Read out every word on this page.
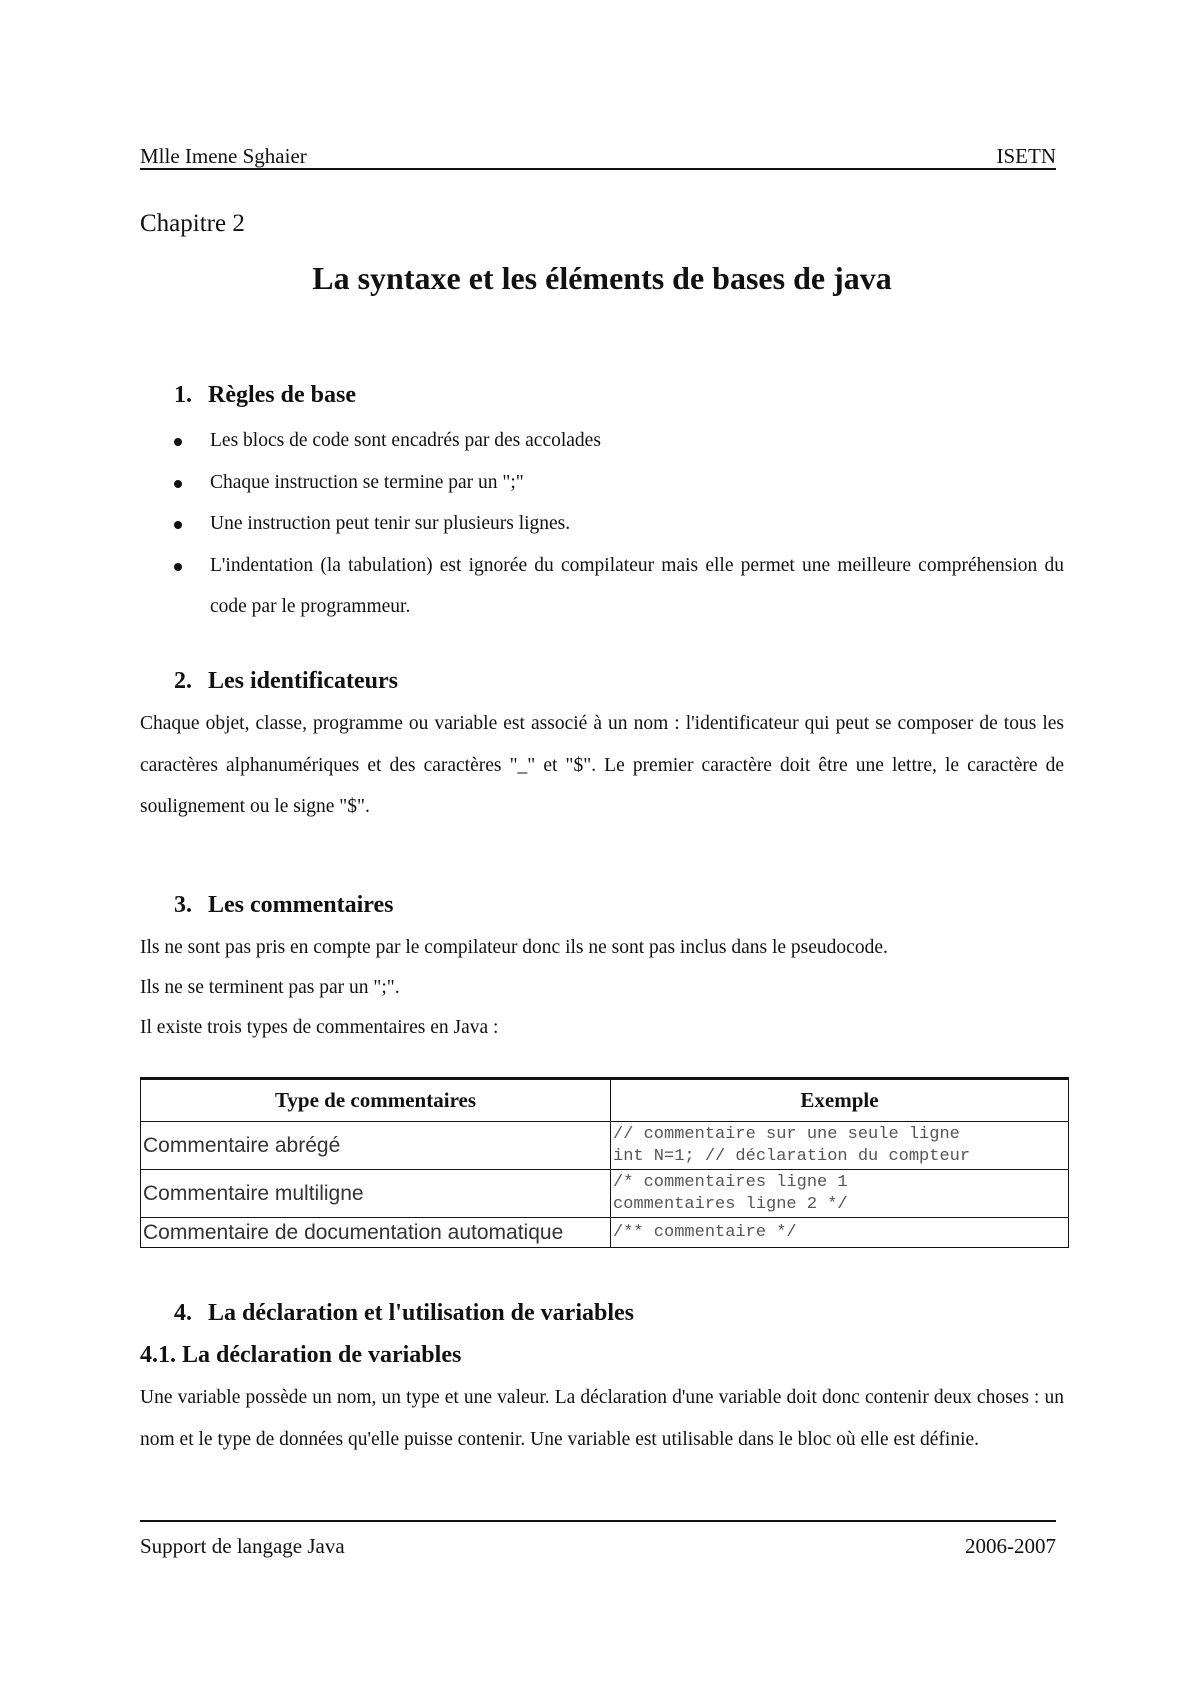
Mlle Imene Sghaier	ISETN
Chapitre 2
La syntaxe et les éléments de bases de java
1. Règles de base
Les blocs de code sont encadrés par des accolades
Chaque instruction se termine par un ";"
Une instruction peut tenir sur plusieurs lignes.
L'indentation (la tabulation) est ignorée du compilateur mais elle permet une meilleure compréhension du code par le programmeur.
2. Les identificateurs
Chaque objet, classe, programme ou variable est associé à un nom : l'identificateur qui peut se composer de tous les caractères alphanumériques et des caractères "_" et "$". Le premier caractère doit être une lettre, le caractère de soulignement ou le signe "$".
3. Les commentaires
Ils ne sont pas pris en compte par le compilateur donc ils ne sont pas inclus dans le pseudocode.
Ils ne se terminent pas par un ";".
Il existe trois types de commentaires en Java :
Type de commentaires	Exemple
Commentaire abrégé	// commentaire sur une seule ligne
int N=1; // déclaration du compteur
Commentaire multiligne	/* commentaires ligne 1
commentaires ligne 2 */
Commentaire de documentation automatique	/** commentaire */
4. La déclaration et l'utilisation de variables
4.1. La déclaration de variables
Une variable possède un nom, un type et une valeur. La déclaration d'une variable doit donc contenir deux choses : un nom et le type de données qu'elle puisse contenir. Une variable est utilisable dans le bloc où elle est définie.
Support de langage Java	2006-2007
